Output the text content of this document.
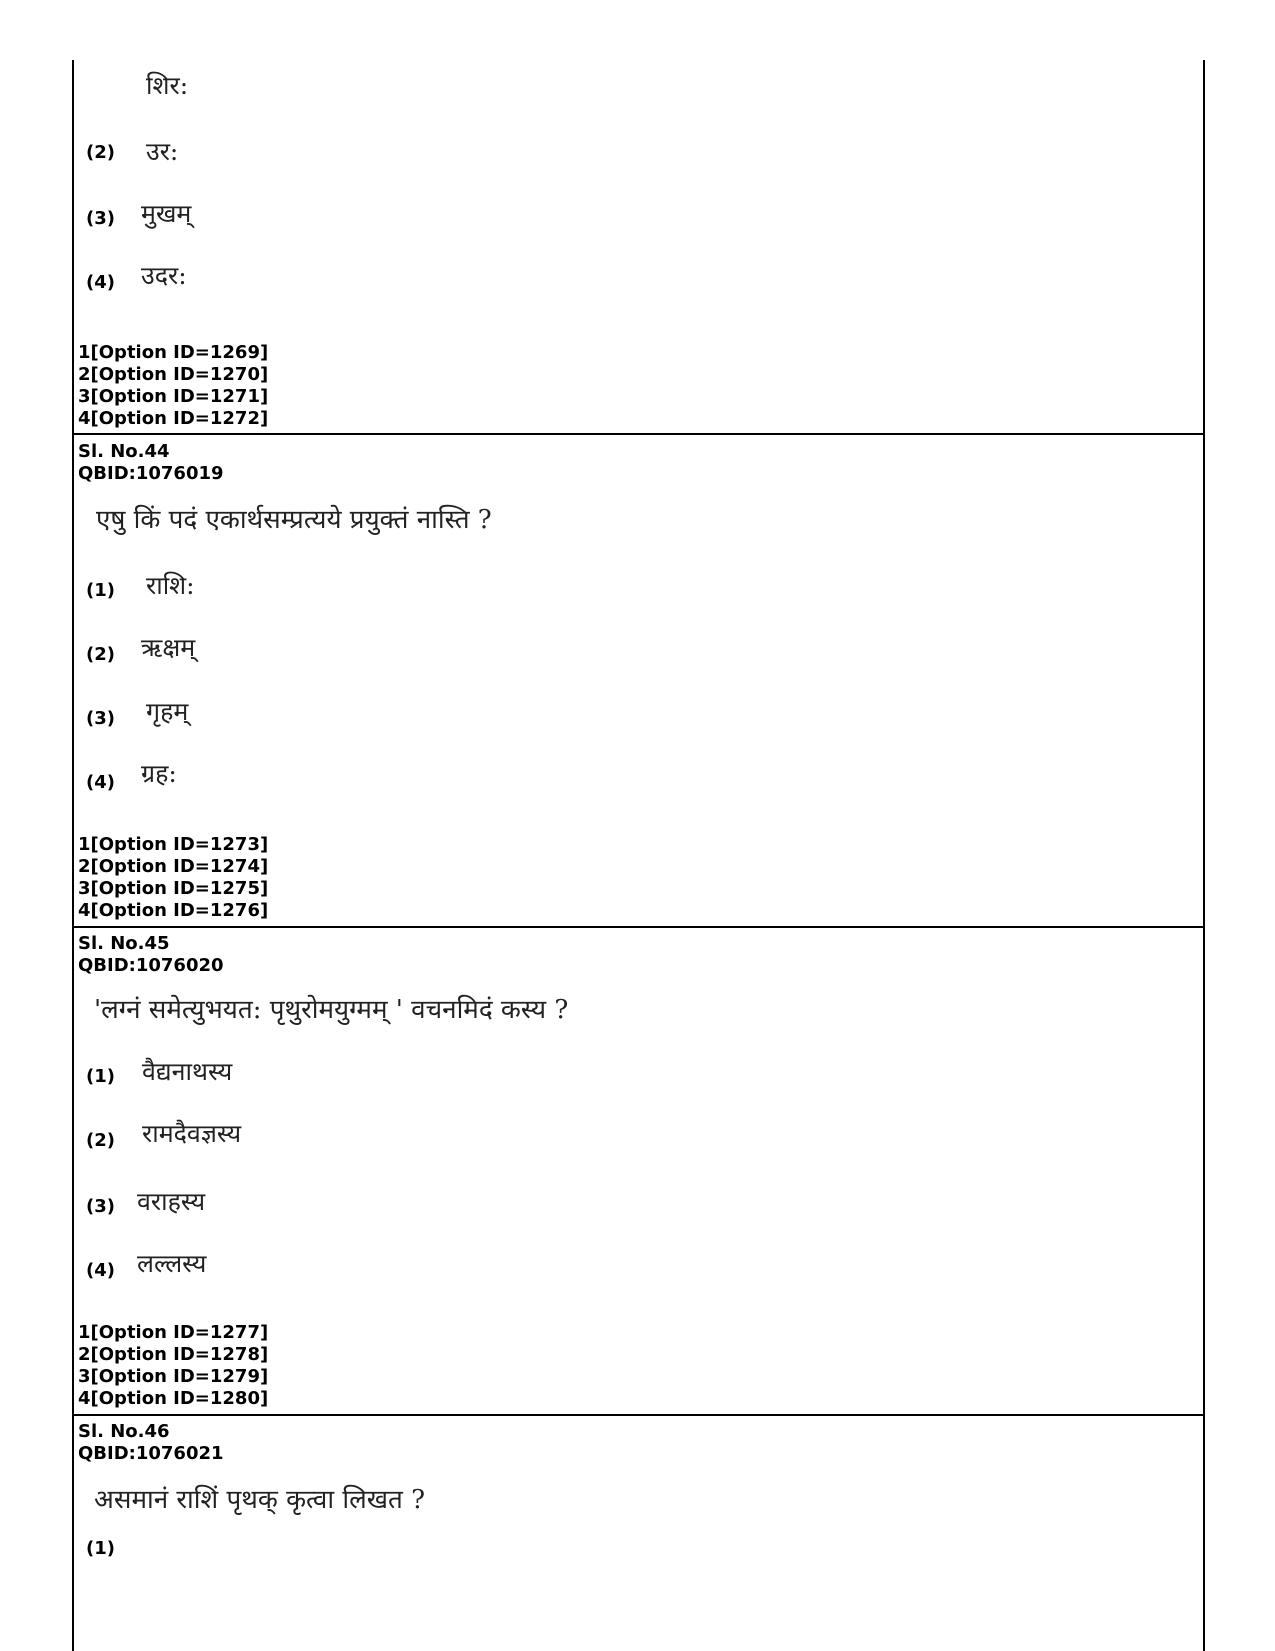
शिर:
(2) उर:
(3) मुखम्
(4) उदर:
1[Option ID=1269]
2[Option ID=1270]
3[Option ID=1271]
4[Option ID=1272]
Sl. No.44
QBID:1076019
एषु किं पदं एकार्थसम्प्रत्यये प्रयुक्तं नास्ति ?
(1) राशि:
(2) ऋक्षम्
(3) गृहम्
(4) ग्रह:
1[Option ID=1273]
2[Option ID=1274]
3[Option ID=1275]
4[Option ID=1276]
Sl. No.45
QBID:1076020
'लग्नं समेत्युभयत: पृथुरोमयुग्मम् ' वचनमिदं कस्य ?
(1) वैद्यनाथस्य
(2) रामदैवज्ञस्य
(3) वराहस्य
(4) लल्लस्य
1[Option ID=1277]
2[Option ID=1278]
3[Option ID=1279]
4[Option ID=1280]
Sl. No.46
QBID:1076021
असमानं राशिं पृथक् कृत्वा लिखत ?
(1)
